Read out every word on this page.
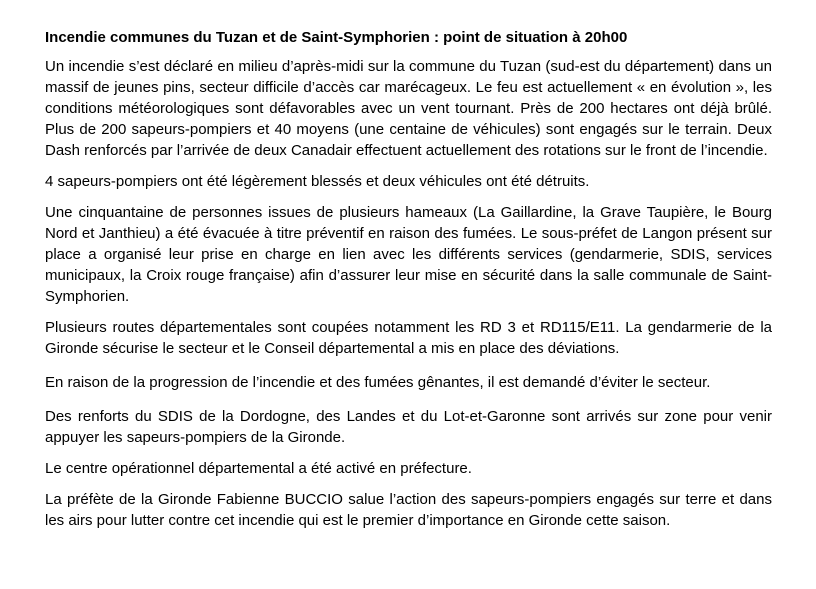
Incendie communes du Tuzan et de Saint-Symphorien : point de situation à 20h00

Un incendie s’est déclaré en milieu d’après-midi sur la commune du Tuzan (sud-est du département) dans un massif de jeunes pins, secteur difficile d’accès car marécageux. Le feu est actuellement « en évolution », les conditions météorologiques sont défavorables avec un vent tournant. Près de 200 hectares ont déjà brûlé. Plus de 200 sapeurs-pompiers et 40 moyens (une centaine de véhicules) sont engagés sur le terrain. Deux Dash renforcés par l’arrivée de deux Canadair effectuent actuellement des rotations sur le front de l’incendie.

4 sapeurs-pompiers ont été légèrement blessés et deux véhicules ont été détruits.

Une cinquantaine de personnes issues de plusieurs hameaux (La Gaillardine, la Grave Taupière, le Bourg Nord et Janthieu) a été évacuée à titre préventif en raison des fumées. Le sous-préfet de Langon présent sur place a organisé leur prise en charge en lien avec les différents services (gendarmerie, SDIS, services municipaux, la Croix rouge française) afin d’assurer leur mise en sécurité dans la salle communale de Saint-Symphorien.

Plusieurs routes départementales sont coupées notamment les RD 3 et RD115/E11. La gendarmerie de la Gironde sécurise le secteur et le Conseil départemental a mis en place des déviations.

En raison de la progression de l’incendie et des fumées gênantes, il est demandé d’éviter le secteur.

Des renforts du SDIS de la Dordogne, des Landes et du Lot-et-Garonne sont arrivés sur zone pour venir appuyer les sapeurs-pompiers de la Gironde.

Le centre opérationnel départemental a été activé en préfecture.

La préfète de la Gironde Fabienne BUCCIO salue l’action des sapeurs-pompiers engagés sur terre et dans les airs pour lutter contre cet incendie qui est le premier d’importance en Gironde cette saison.
